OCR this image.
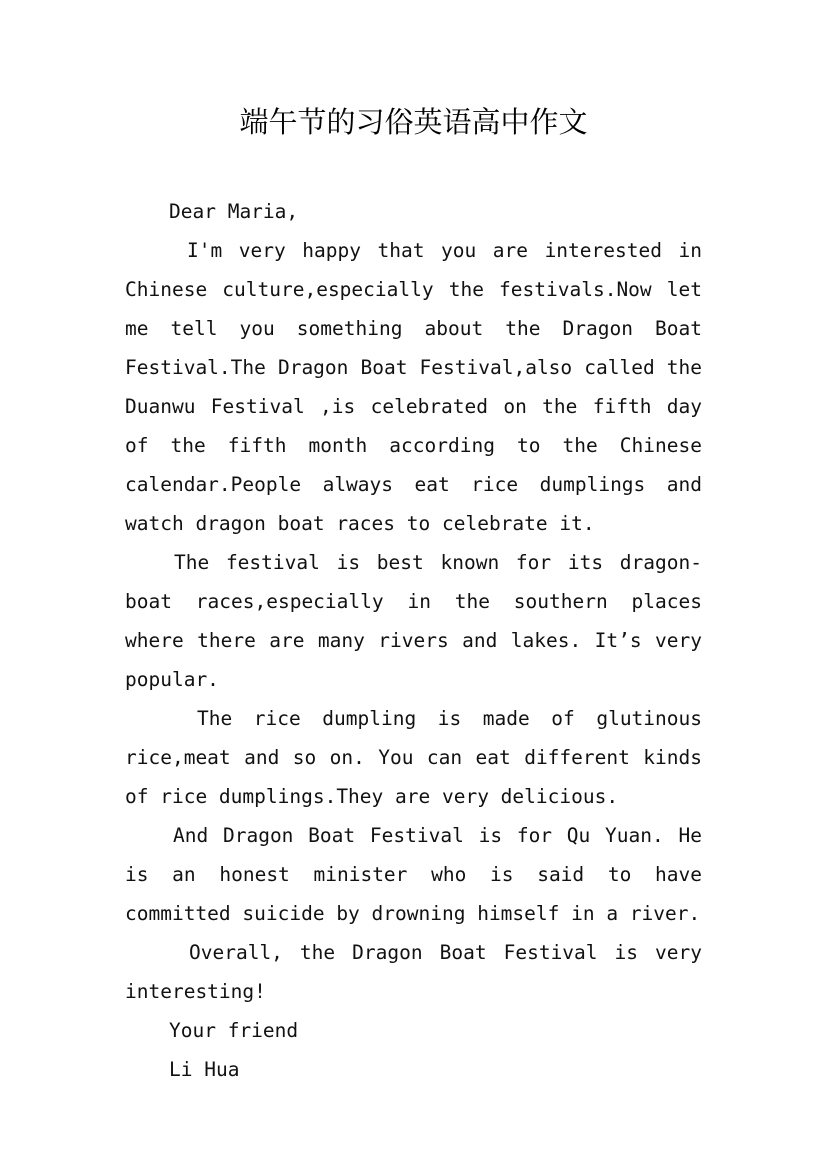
端午节的习俗英语高中作文

Dear Maria,

I'm very happy that you are interested in Chinese culture,especially the festivals.Now let me tell you something about the Dragon Boat Festival.The Dragon Boat Festival,also called the Duanwu Festival ,is celebrated on the fifth day of the fifth month according to the Chinese calendar.People always eat rice dumplings and watch dragon boat races to celebrate it.

The festival is best known for its dragon-boat races,especially in the southern places where there are many rivers and lakes. It’s very popular.

The rice dumpling is made of glutinous rice,meat and so on. You can eat different kinds of rice dumplings.They are very delicious.

And Dragon Boat Festival is for Qu Yuan. He is an honest minister who is said to have committed suicide by drowning himself in a river.

Overall, the Dragon Boat Festival is very interesting!

Your friend

Li Hua
